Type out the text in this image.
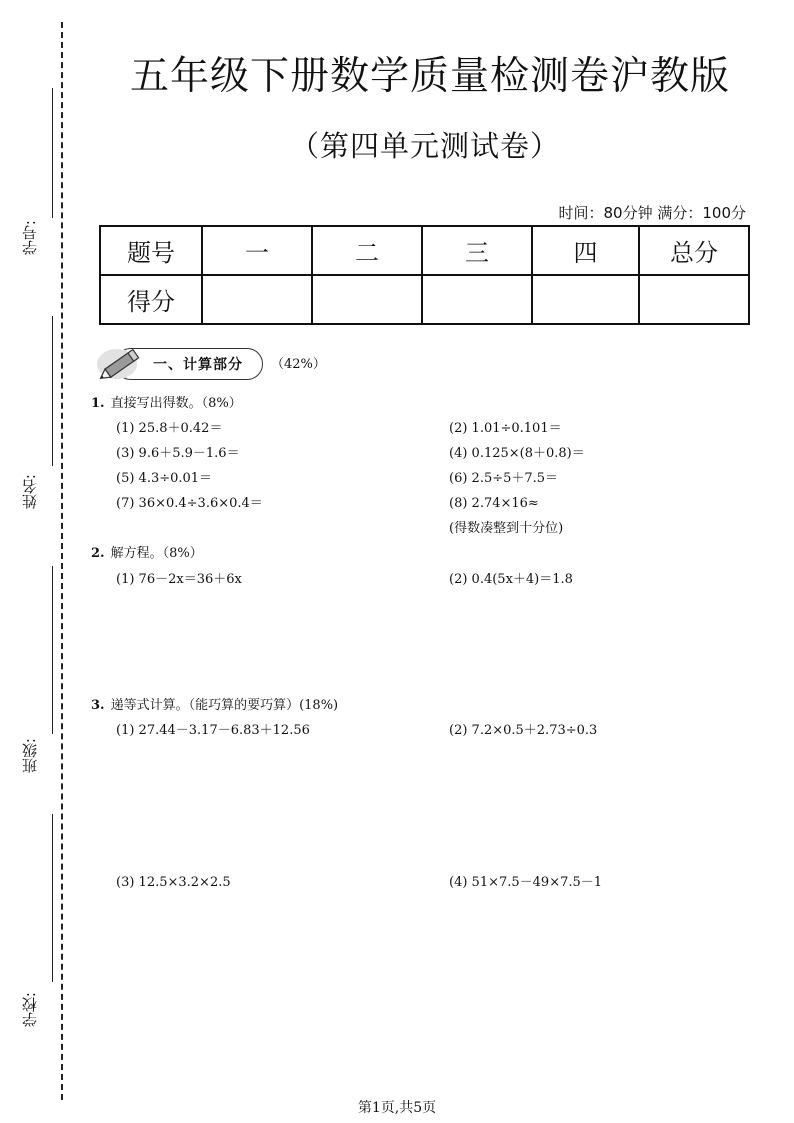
学号:
姓名:
班级:
学校:
五年级下册数学质量检测卷沪教版
（第四单元测试卷）
时间：80分钟 满分：100分
题号	一	二	三	四	总分
得分					
一、计算部分 （42%）
1. 直接写出得数。（8%）
(1) 25.8＋0.42＝	(2) 1.01÷0.101＝
(3) 9.6＋5.9－1.6＝	(4) 0.125×(8＋0.8)＝
(5) 4.3÷0.01＝	(6) 2.5÷5＋7.5＝
(7) 36×0.4÷3.6×0.4＝	(8) 2.74×16≈
(得数凑整到十分位)
2. 解方程。（8%）
(1) 76－2x＝36＋6x	(2) 0.4(5x＋4)＝1.8
3. 递等式计算。（能巧算的要巧算）(18%)
(1) 27.44－3.17－6.83＋12.56	(2) 7.2×0.5＋2.73÷0.3
(3) 12.5×3.2×2.5	(4) 51×7.5－49×7.5－1
第1页,共5页
